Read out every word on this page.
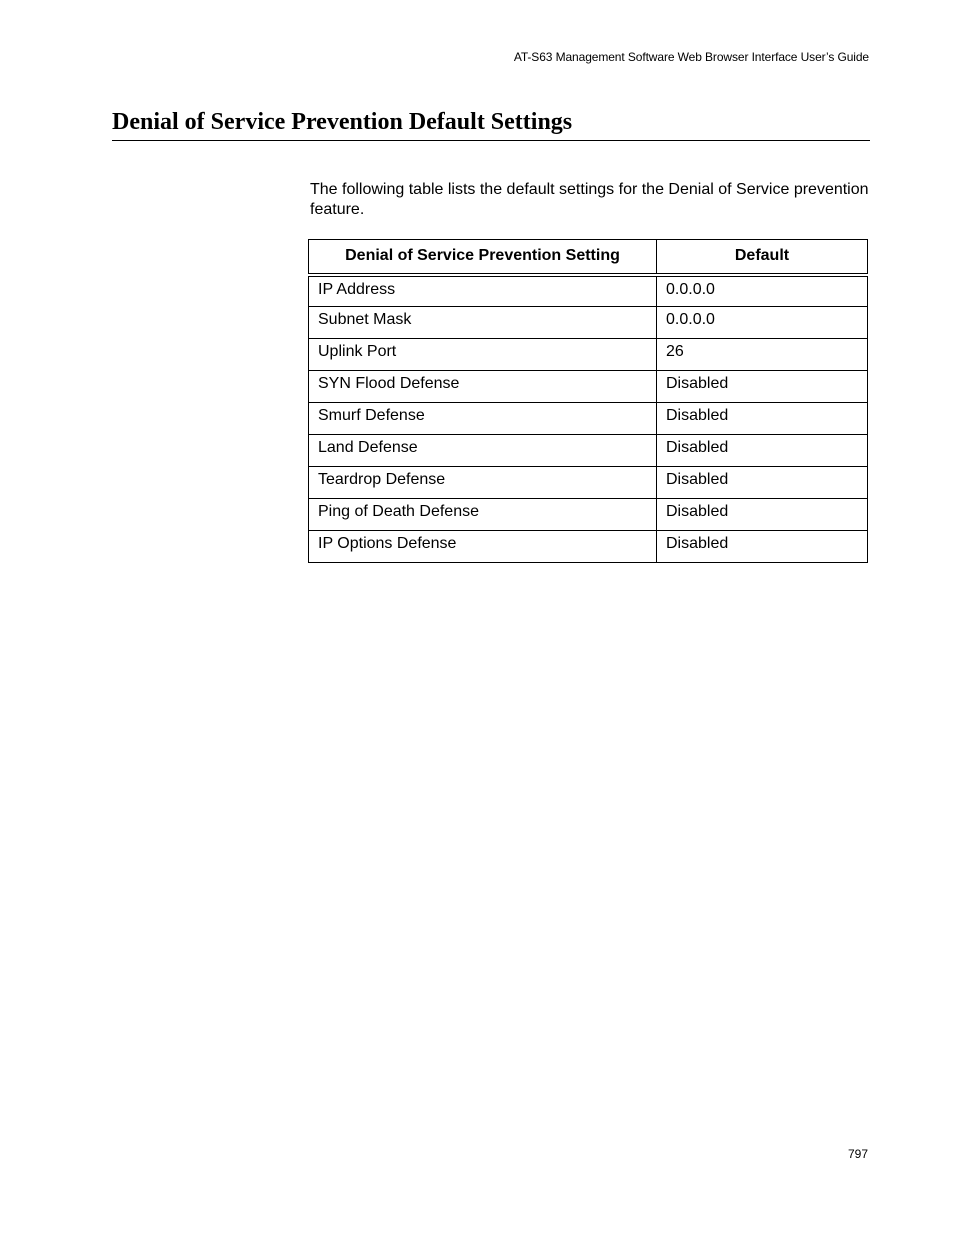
AT-S63 Management Software Web Browser Interface User’s Guide
Denial of Service Prevention Default Settings

The following table lists the default settings for the Denial of Service prevention feature.

Denial of Service Prevention Setting	Default
IP Address	0.0.0.0
Subnet Mask	0.0.0.0
Uplink Port	26
SYN Flood Defense	Disabled
Smurf Defense	Disabled
Land Defense	Disabled
Teardrop Defense	Disabled
Ping of Death Defense	Disabled
IP Options Defense	Disabled
797
